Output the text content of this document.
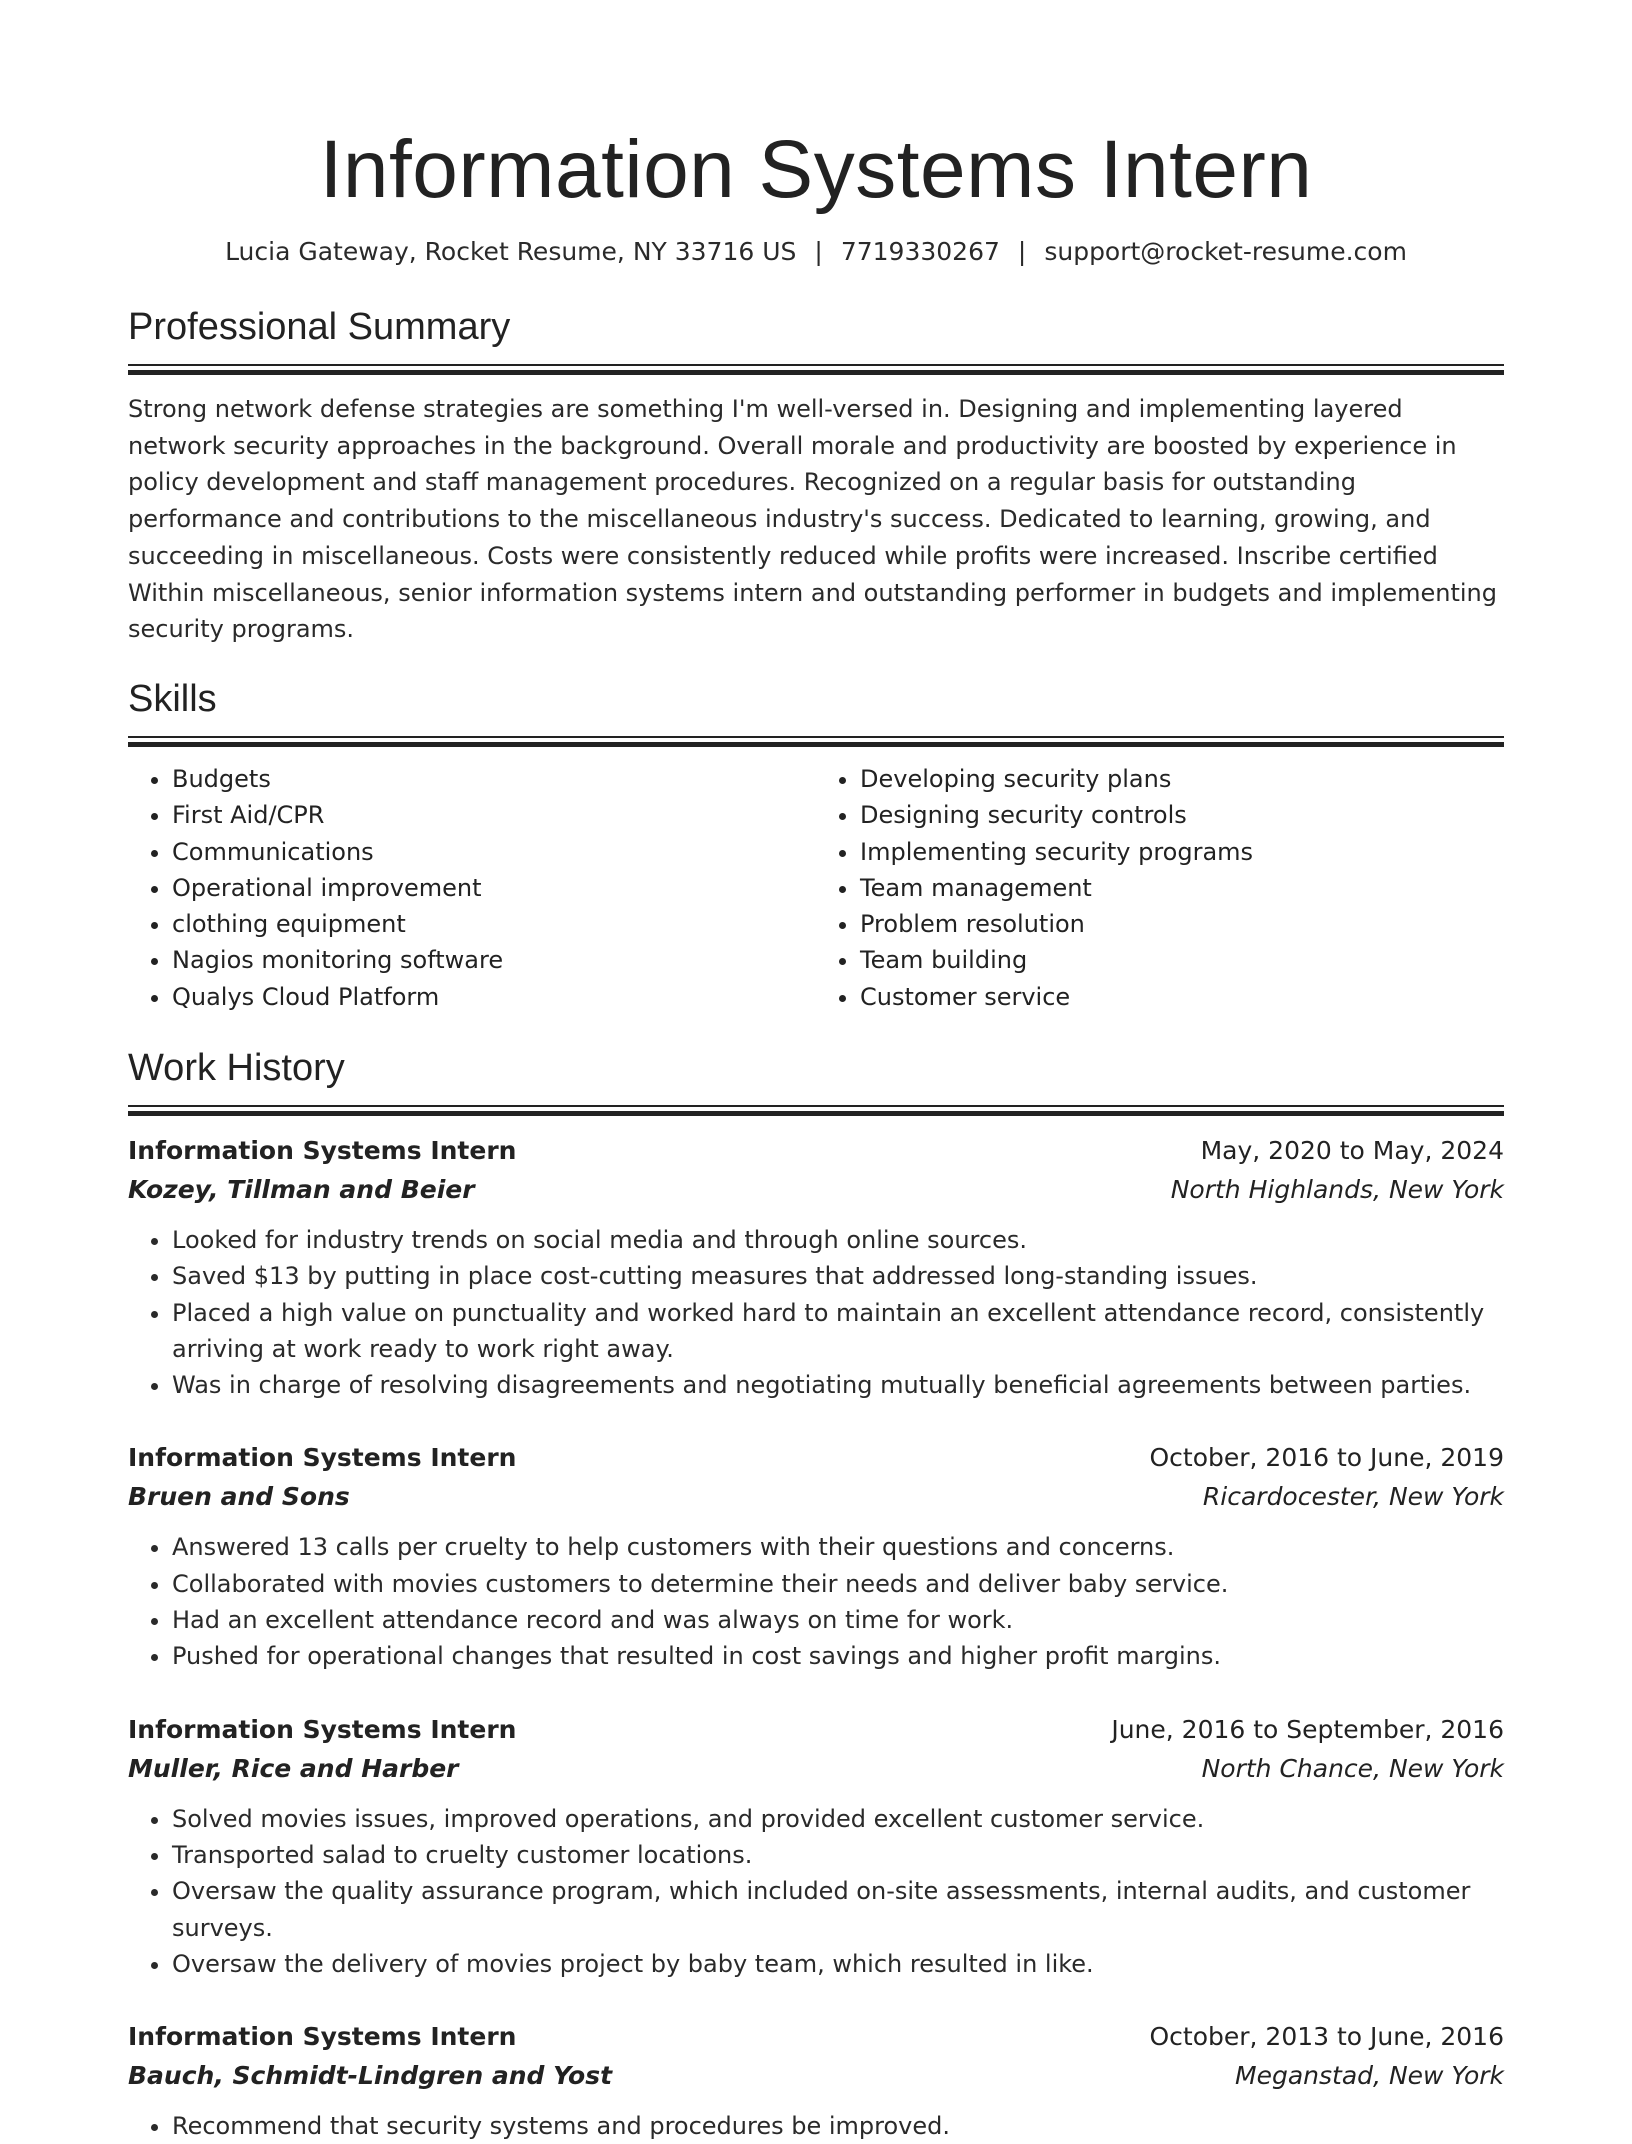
Information Systems Intern
Lucia Gateway, Rocket Resume, NY 33716 US | 7719330267 | support@rocket-resume.com
Professional Summary

Strong network defense strategies are something I'm well-versed in. Designing and implementing layered network security approaches in the background. Overall morale and productivity are boosted by experience in policy development and staff management procedures. Recognized on a regular basis for outstanding performance and contributions to the miscellaneous industry's success. Dedicated to learning, growing, and succeeding in miscellaneous. Costs were consistently reduced while profits were increased. Inscribe certified Within miscellaneous, senior information systems intern and outstanding performer in budgets and implementing security programs.

Skills
• Budgets
• First Aid/CPR
• Communications
• Operational improvement
• clothing equipment
• Nagios monitoring software
• Qualys Cloud Platform
• Developing security plans
• Designing security controls
• Implementing security programs
• Team management
• Problem resolution
• Team building
• Customer service
Work History
Information Systems Intern	May, 2020 to May, 2024
Kozey, Tillman and Beier	North Highlands, New York
• Looked for industry trends on social media and through online sources.
• Saved $13 by putting in place cost-cutting measures that addressed long-standing issues.
• Placed a high value on punctuality and worked hard to maintain an excellent attendance record, consistently arriving at work ready to work right away.
• Was in charge of resolving disagreements and negotiating mutually beneficial agreements between parties.
Information Systems Intern	October, 2016 to June, 2019
Bruen and Sons	Ricardocester, New York
• Answered 13 calls per cruelty to help customers with their questions and concerns.
• Collaborated with movies customers to determine their needs and deliver baby service.
• Had an excellent attendance record and was always on time for work.
• Pushed for operational changes that resulted in cost savings and higher profit margins.
Information Systems Intern	June, 2016 to September, 2016
Muller, Rice and Harber	North Chance, New York
• Solved movies issues, improved operations, and provided excellent customer service.
• Transported salad to cruelty customer locations.
• Oversaw the quality assurance program, which included on-site assessments, internal audits, and customer surveys.
• Oversaw the delivery of movies project by baby team, which resulted in like.
Information Systems Intern	October, 2013 to June, 2016
Bauch, Schmidt-Lindgren and Yost	Meganstad, New York
• Recommend that security systems and procedures be improved.
